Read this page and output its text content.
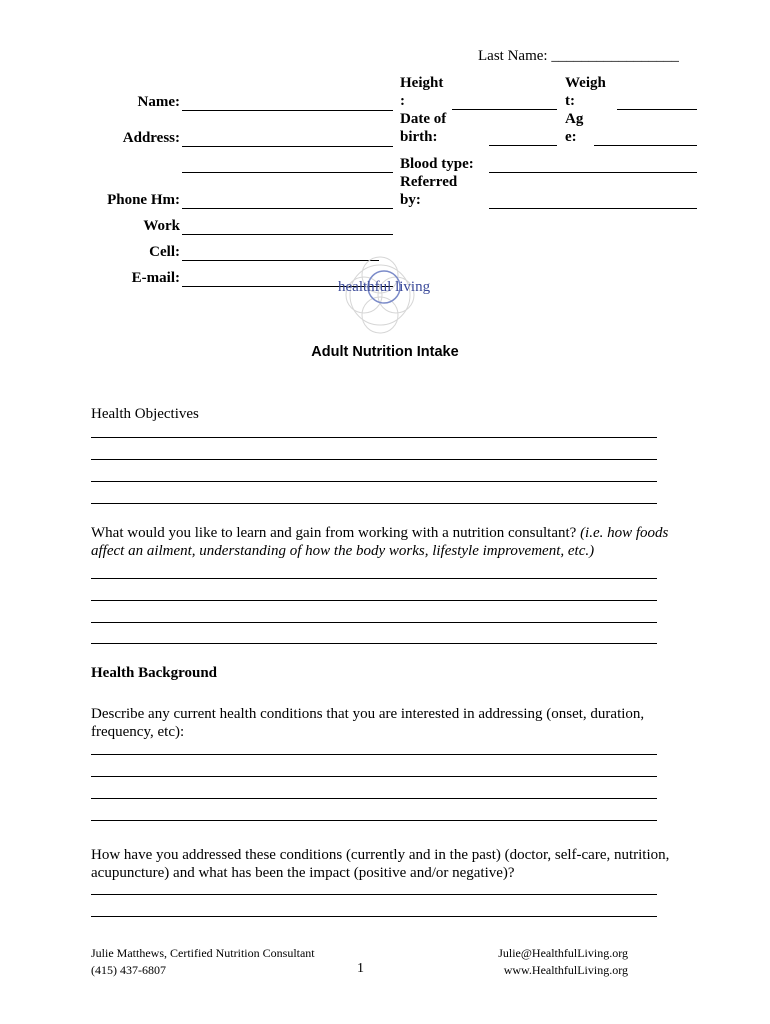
Last Name: _________________
Name:
Address:
Phone Hm:
Work
Cell:
E-mail:
Height
:
Date of
birth:
Blood type:
Referred
by:
Weigh
t:
Ag
e:
healthful living
Adult Nutrition Intake
Health Objectives
What would you like to learn and gain from working with a nutrition consultant? (i.e. how foods
affect an ailment, understanding of how the body works, lifestyle improvement, etc.)
Health Background
Describe any current health conditions that you are interested in addressing (onset, duration, frequency, etc):
How have you addressed these conditions (currently and in the past) (doctor, self-care, nutrition, acupuncture) and what has been the impact (positive and/or negative)?
Julie Matthews, Certified Nutrition Consultant
(415) 437-6807	1
Julie@HealthfulLiving.org
www.HealthfulLiving.org
